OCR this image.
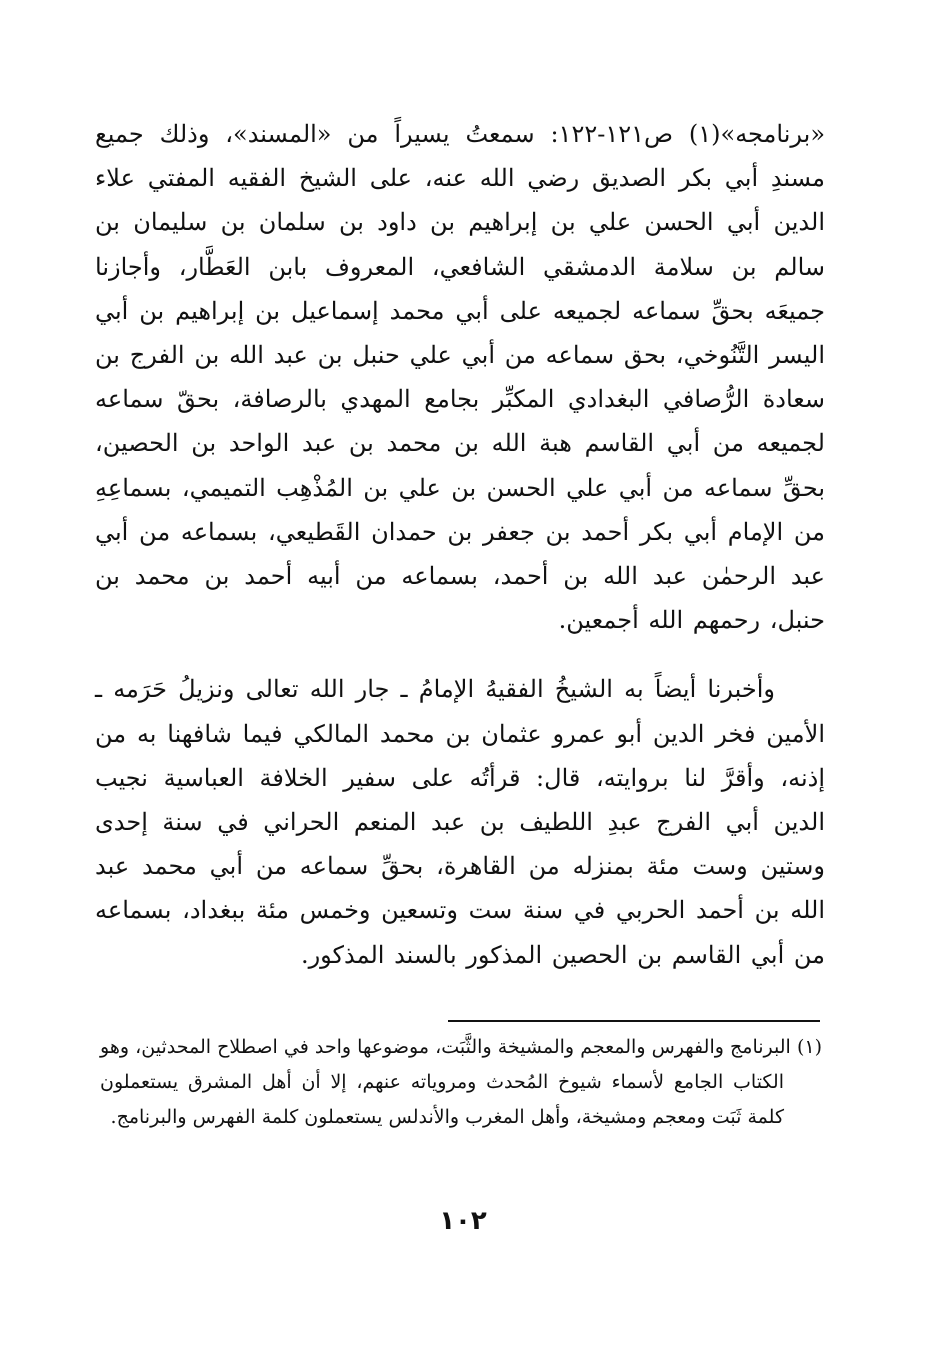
«برنامجه»(١) ص١٢١-١٢٢: سمعتُ يسيراً من «المسند»، وذلك جميع مسندِ أبي بكر الصديق رضي الله عنه، على الشيخ الفقيه المفتي علاء الدين أبي الحسن علي بن إبراهيم بن داود بن سلمان بن سليمان بن سالم بن سلامة الدمشقي الشافعي، المعروف بابن العَطَّار، وأجازنا جميعَه بحقِّ سماعه لجميعه على أبي محمد إسماعيل بن إبراهيم بن أبي اليسر التَّنُوخي، بحق سماعه من أبي علي حنبل بن عبد الله بن الفرج بن سعادة الرُّصافي البغدادي المكبِّر بجامع المهدي بالرصافة، بحقّ سماعه لجميعه من أبي القاسم هبة الله بن محمد بن عبد الواحد بن الحصين، بحقِّ سماعه من أبي علي الحسن بن علي بن المُذْهِب التميمي، بسماعِهِ من الإمام أبي بكر أحمد بن جعفر بن حمدان القَطيعي، بسماعه من أبي عبد الرحمٰن عبد الله بن أحمد، بسماعه من أبيه أحمد بن محمد بن حنبل، رحمهم الله أجمعين.

وأخبرنا أيضاً به الشيخُ الفقيهُ الإمامُ ـ جار الله تعالى ونزيلُ حَرَمه ـ الأمين فخر الدين أبو عمرو عثمان بن محمد المالكي فيما شافهنا به من إذنه، وأقرَّ لنا بروايته، قال: قرأتُه على سفير الخلافة العباسية نجيب الدين أبي الفرج عبدِ اللطيف بن عبد المنعم الحراني في سنة إحدى وستين وست مئة بمنزله من القاهرة، بحقِّ سماعه من أبي محمد عبد الله بن أحمد الحربي في سنة ست وتسعين وخمس مئة ببغداد، بسماعه من أبي القاسم بن الحصين المذكور بالسند المذكور.

(١) البرنامج والفهرس والمعجم والمشيخة والثَّبَت، موضوعها واحد في اصطلاح المحدثين، وهو الكتاب الجامع لأسماء شيوخ المُحدث ومروياته عنهم، إلا أن أهل المشرق يستعملون كلمة ثَبَت ومعجم ومشيخة، وأهل المغرب والأندلس يستعملون كلمة الفهرس والبرنامج.

١٠٢
